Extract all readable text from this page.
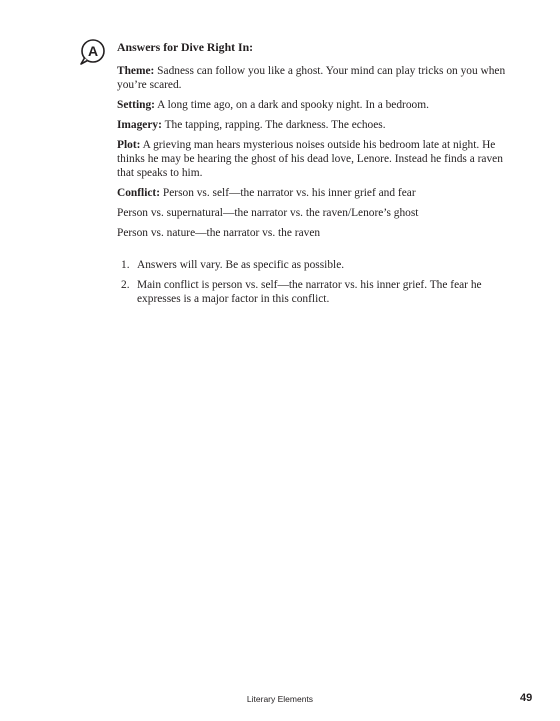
A Answers for Dive Right In:

Theme: Sadness can follow you like a ghost. Your mind can play tricks on you when you’re scared.

Setting: A long time ago, on a dark and spooky night. In a bedroom.

Imagery: The tapping, rapping. The darkness. The echoes.

Plot: A grieving man hears mysterious noises outside his bedroom late at night. He thinks he may be hearing the ghost of his dead love, Lenore. Instead he finds a raven that speaks to him.

Conflict: Person vs. self—the narrator vs. his inner grief and fear

Person vs. supernatural—the narrator vs. the raven/Lenore’s ghost

Person vs. nature—the narrator vs. the raven

1. Answers will vary. Be as specific as possible.
2. Main conflict is person vs. self—the narrator vs. his inner grief. The fear he expresses is a major factor in this conflict.
Literary Elements	49
